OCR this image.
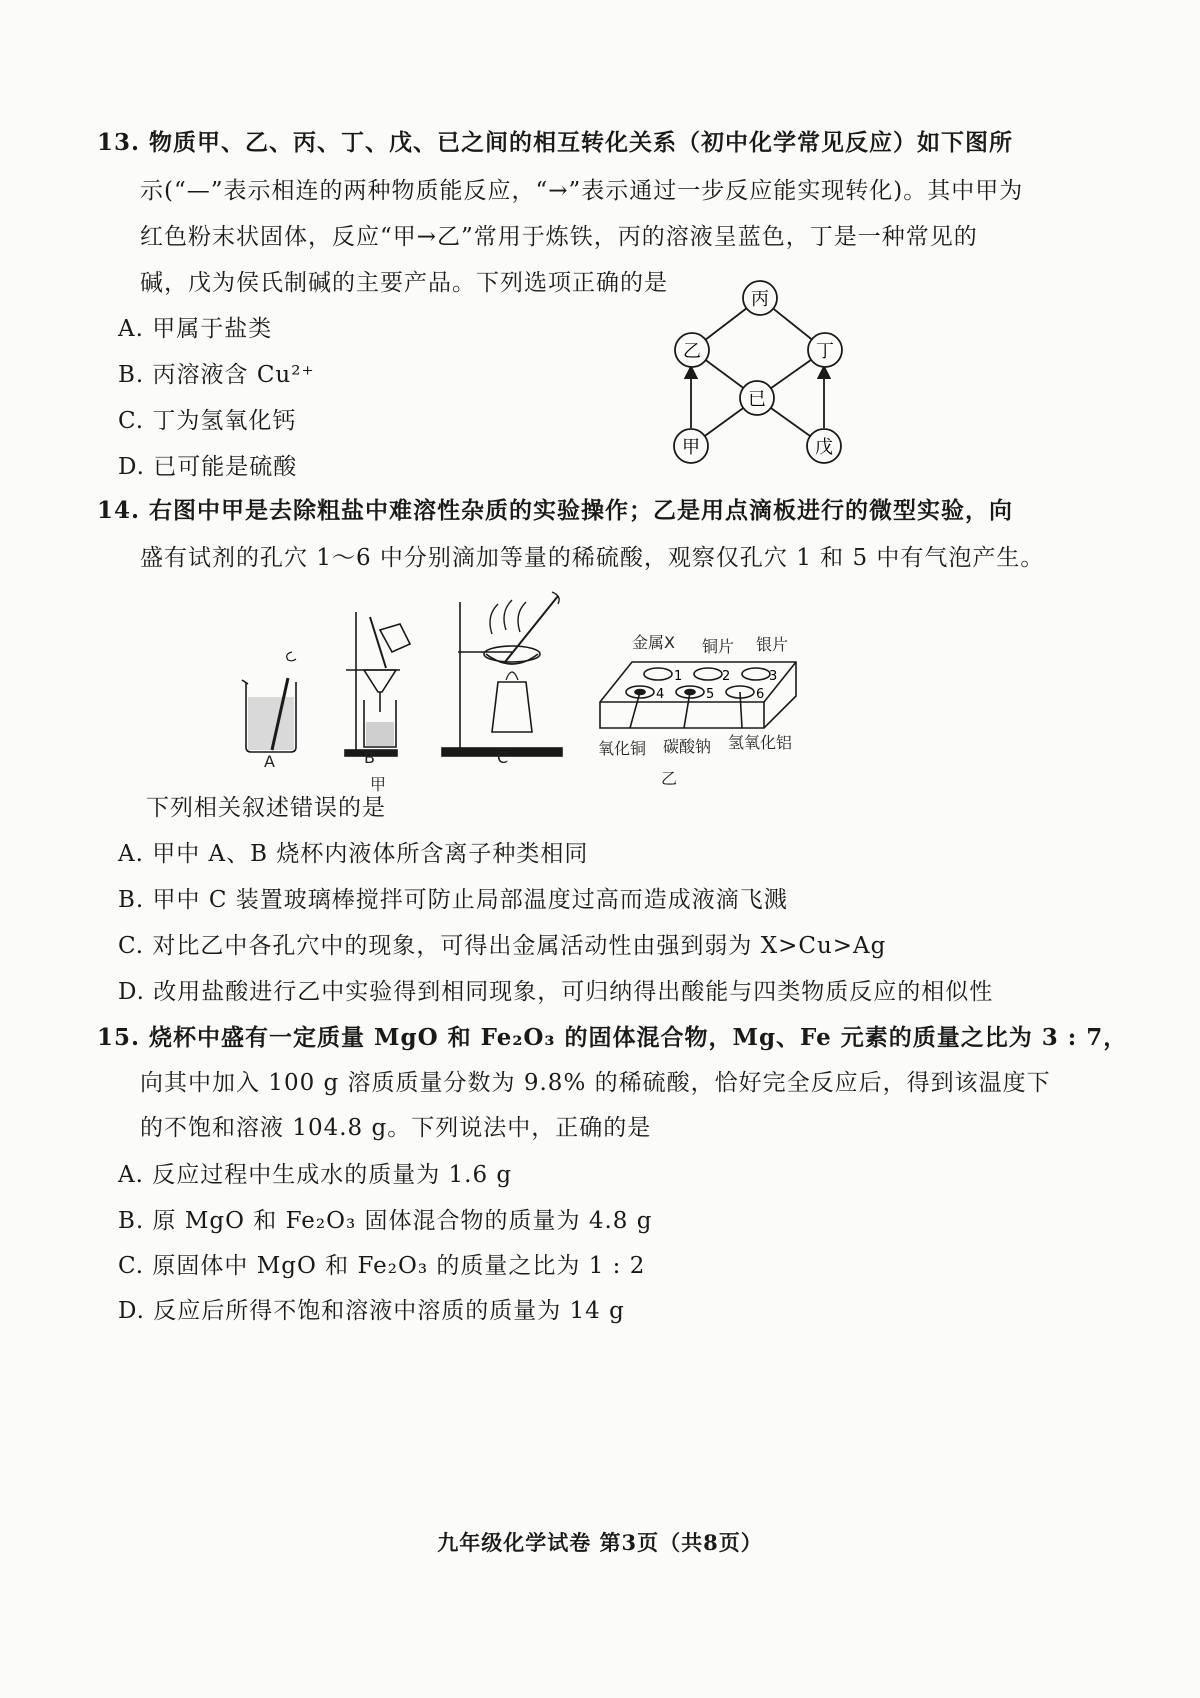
13. 物质甲、乙、丙、丁、戊、已之间的相互转化关系（初中化学常见反应）如下图所
示(“—”表示相连的两种物质能反应，“→”表示通过一步反应能实现转化)。其中甲为
红色粉末状固体，反应“甲→乙”常用于炼铁，丙的溶液呈蓝色，丁是一种常见的
碱，戊为侯氏制碱的主要产品。下列选项正确的是
A. 甲属于盐类
B. 丙溶液含 Cu²⁺
C. 丁为氢氧化钙
D. 已可能是硫酸
丙
乙	丁
已
甲	戊
14. 右图中甲是去除粗盐中难溶性杂质的实验操作；乙是用点滴板进行的微型实验，向
盛有试剂的孔穴 1～6 中分别滴加等量的稀硫酸，观察仅孔穴 1 和 5 中有气泡产生。
A	B	C
甲
1	2	3
4	5	6
金属X 铜片 银片
氧化铜 碳酸钠 氢氧化铝
乙
下列相关叙述错误的是
A. 甲中 A、B 烧杯内液体所含离子种类相同
B. 甲中 C 装置玻璃棒搅拌可防止局部温度过高而造成液滴飞溅
C. 对比乙中各孔穴中的现象，可得出金属活动性由强到弱为 X>Cu>Ag
D. 改用盐酸进行乙中实验得到相同现象，可归纳得出酸能与四类物质反应的相似性
15. 烧杯中盛有一定质量 MgO 和 Fe₂O₃ 的固体混合物，Mg、Fe 元素的质量之比为 3 : 7，
向其中加入 100 g 溶质质量分数为 9.8% 的稀硫酸，恰好完全反应后，得到该温度下
的不饱和溶液 104.8 g。下列说法中，正确的是
A. 反应过程中生成水的质量为 1.6 g
B. 原 MgO 和 Fe₂O₃ 固体混合物的质量为 4.8 g
C. 原固体中 MgO 和 Fe₂O₃ 的质量之比为 1 : 2
D. 反应后所得不饱和溶液中溶质的质量为 14 g
九年级化学试卷 第3页（共8页）
